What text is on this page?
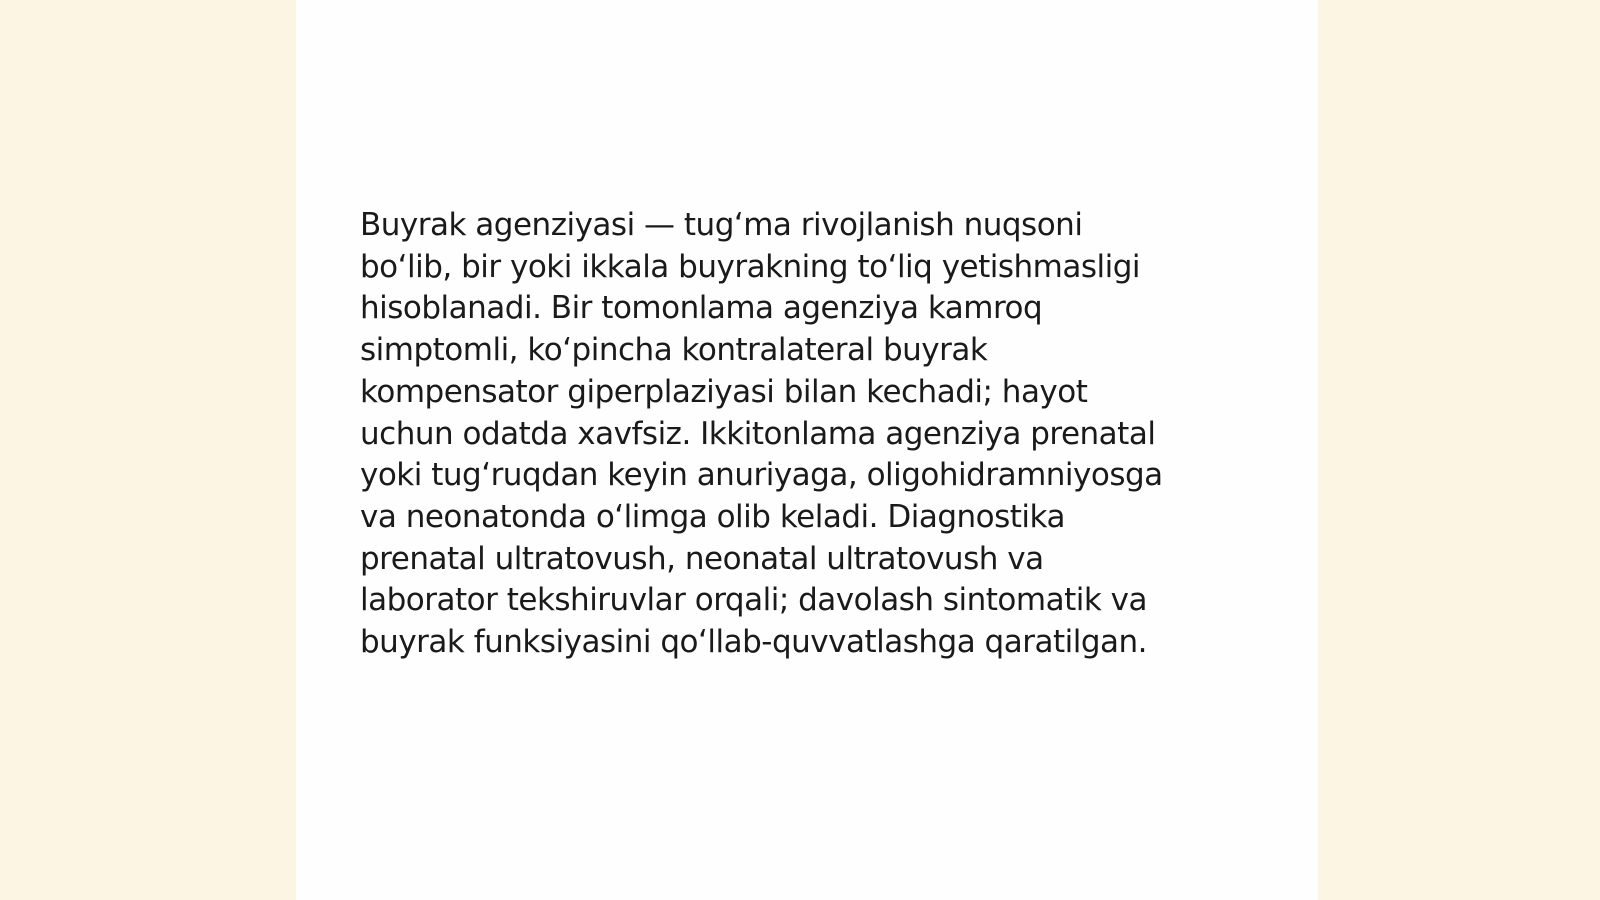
Buyrak agenziyasi — tug‘ma rivojlanish nuqsoni
bo‘lib, bir yoki ikkala buyrakning to‘liq yetishmasligi
hisoblanadi. Bir tomonlama agenziya kamroq
simptomli, ko‘pincha kontralateral buyrak
kompensator giperplaziyasi bilan kechadi; hayot
uchun odatda xavfsiz. Ikkitonlama agenziya prenatal
yoki tug‘ruqdan keyin anuriyaga, oligohidramniyosga
va neonatonda o‘limga olib keladi. Diagnostika
prenatal ultratovush, neonatal ultratovush va
laborator tekshiruvlar orqali; davolash sintomatik va
buyrak funksiyasini qo‘llab-quvvatlashga qaratilgan.
